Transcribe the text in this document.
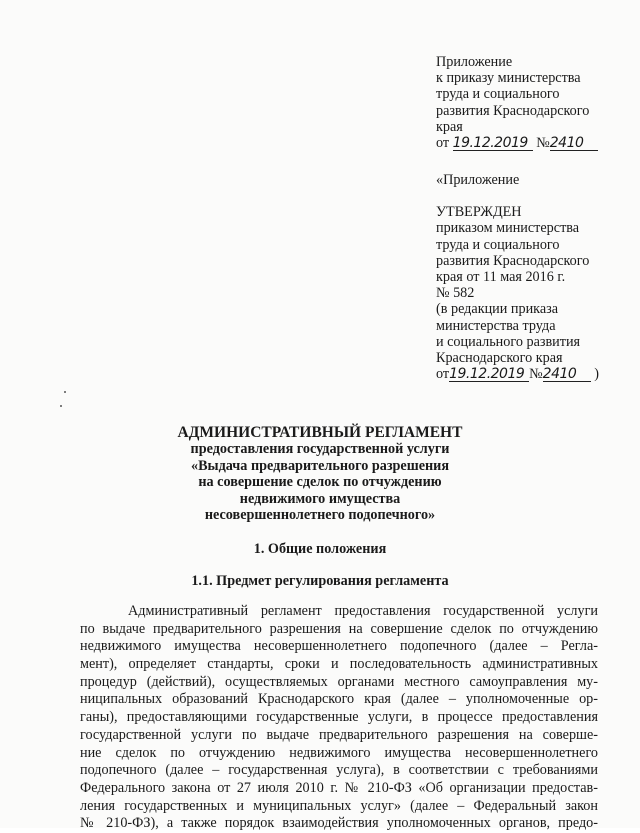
Приложение
к приказу министерства
труда и социального
развития Краснодарского
края
от 19.12.2019 №2410
«Приложение
УТВЕРЖДЕН
приказом министерства
труда и социального
развития Краснодарского
края от 11 мая 2016 г.
№ 582
(в редакции приказа
министерства труда
и социального развития
Краснодарского края
от19.12.2019 №2410 )
АДМИНИСТРАТИВНЫЙ РЕГЛАМЕНТ
предоставления государственной услуги
«Выдача предварительного разрешения
на совершение сделок по отчуждению
недвижимого имущества
несовершеннолетнего подопечного»
1. Общие положения
1.1. Предмет регулирования регламента
Административный регламент предоставления государственной услуги
по выдаче предварительного разрешения на совершение сделок по отчуждению
недвижимого имущества несовершеннолетнего подопечного (далее – Регла-
мент), определяет стандарты, сроки и последовательность административных
процедур (действий), осуществляемых органами местного самоуправления му-
ниципальных образований Краснодарского края (далее – уполномоченные ор-
ганы), предоставляющими государственные услуги, в процессе предоставления
государственной услуги по выдаче предварительного разрешения на соверше-
ние сделок по отчуждению недвижимого имущества несовершеннолетнего
подопечного (далее – государственная услуга), в соответствии с требованиями
Федерального закона от 27 июля 2010 г. № 210-ФЗ «Об организации предостав-
ления государственных и муниципальных услуг» (далее – Федеральный закон
№ 210-ФЗ), а также порядок взаимодействия уполномоченных органов, предо-
